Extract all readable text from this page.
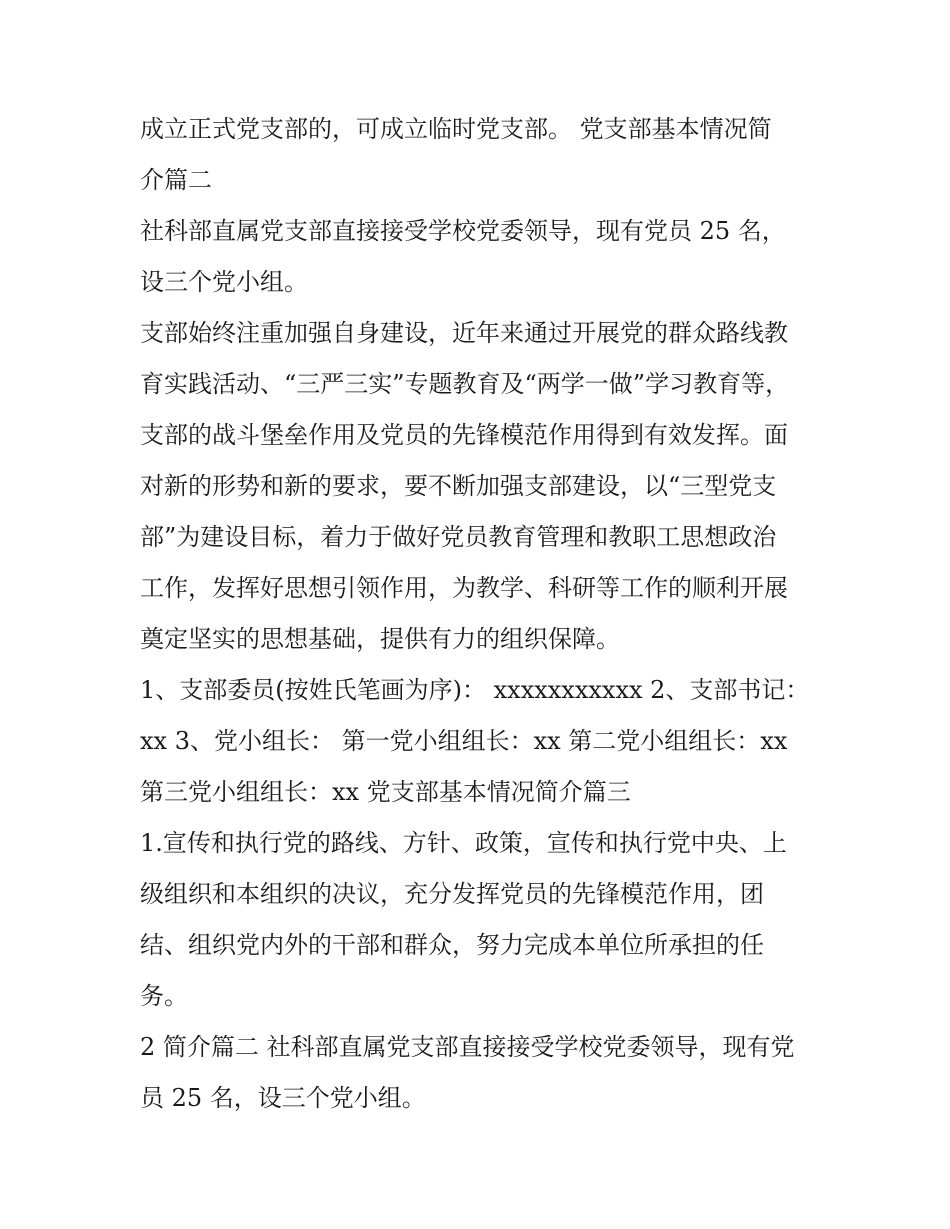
成立正式党支部的，可成立临时党支部。 党支部基本情况简
介篇二

社科部直属党支部直接接受学校党委领导，现有党员 25 名，
设三个党小组。

支部始终注重加强自身建设，近年来通过开展党的群众路线教
育实践活动、“三严三实”专题教育及“两学一做”学习教育等，
支部的战斗堡垒作用及党员的先锋模范作用得到有效发挥。面
对新的形势和新的要求，要不断加强支部建设，以“三型党支
部”为建设目标，着力于做好党员教育管理和教职工思想政治
工作，发挥好思想引领作用，为教学、科研等工作的顺利开展
奠定坚实的思想基础，提供有力的组织保障。

1、支部委员(按姓氏笔画为序)： xxxxxxxxxxx 2、支部书记：
xx 3、党小组长： 第一党小组组长：xx 第二党小组组长：xx
第三党小组组长：xx 党支部基本情况简介篇三

1.宣传和执行党的路线、方针、政策，宣传和执行党中央、上
级组织和本组织的决议，充分发挥党员的先锋模范作用，团
结、组织党内外的干部和群众，努力完成本单位所承担的任
务。

2 简介篇二 社科部直属党支部直接接受学校党委领导，现有党
员 25 名，设三个党小组。
